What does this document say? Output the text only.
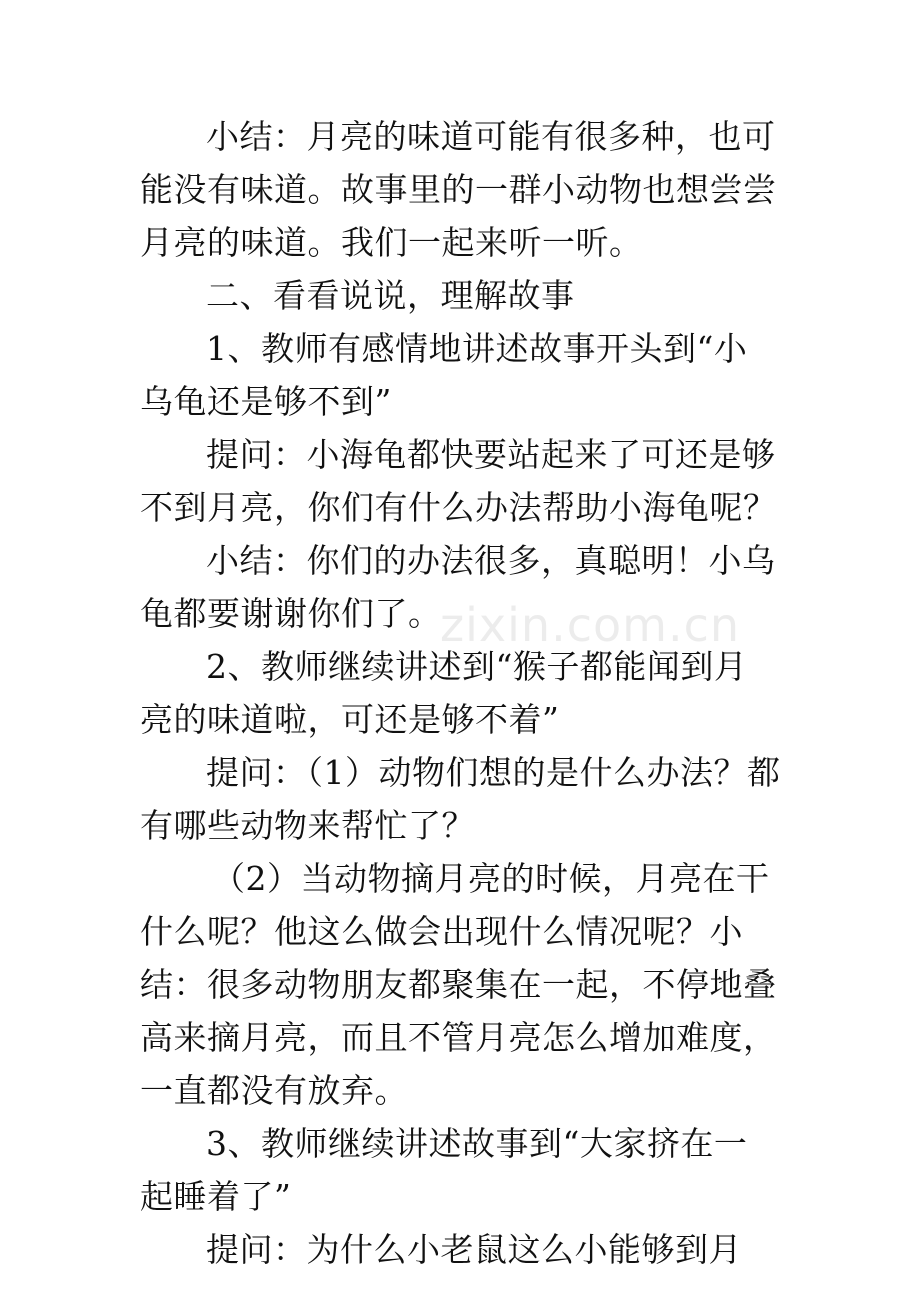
小结：月亮的味道可能有很多种，也可
能没有味道。故事里的一群小动物也想尝尝
月亮的味道。我们一起来听一听。
二、看看说说，理解故事
1、教师有感情地讲述故事开头到“小
乌龟还是够不到”
提问：小海龟都快要站起来了可还是够
不到月亮，你们有什么办法帮助小海龟呢？
小结：你们的办法很多，真聪明！小乌
龟都要谢谢你们了。
2、教师继续讲述到“猴子都能闻到月
亮的味道啦，可还是够不着”
提问：（1）动物们想的是什么办法？都
有哪些动物来帮忙了？
（2）当动物摘月亮的时候，月亮在干
什么呢？他这么做会出现什么情况呢？小
结：很多动物朋友都聚集在一起，不停地叠
高来摘月亮，而且不管月亮怎么增加难度，
一直都没有放弃。
3、教师继续讲述故事到“大家挤在一
起睡着了”
提问：为什么小老鼠这么小能够到月
zixin.com.cn
